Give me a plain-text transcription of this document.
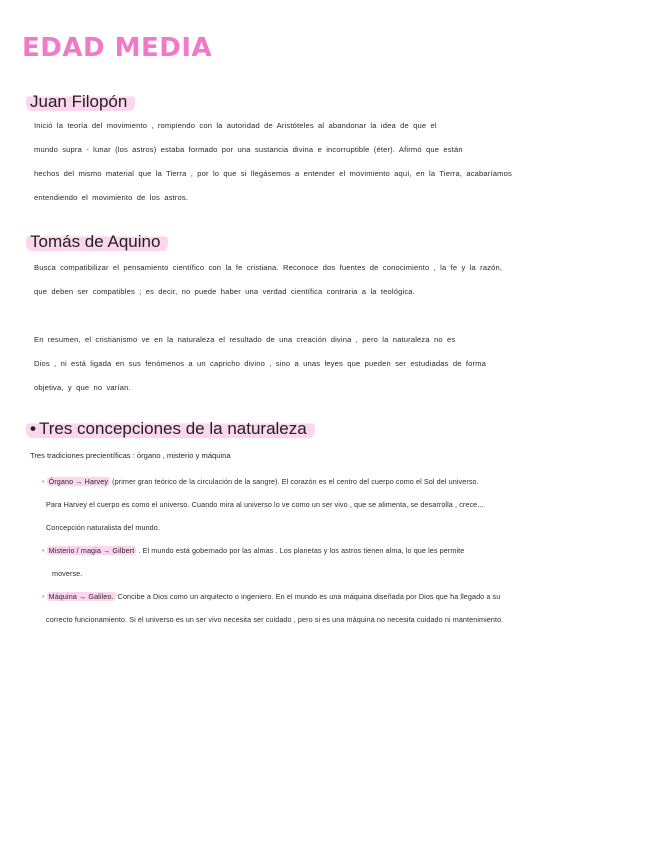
EDAD MEDIA
Juan Filopón

Inició la teoría del movimiento , rompiendo con la autoridad de Aristóteles al abandonar la idea de que el

mundo supra - lunar (los astros) estaba formado por una sustancia divina e incorruptible (éter). Afirmó que están

hechos del mismo material que la Tierra , por lo que si llegásemos a entender el movimiento aquí, en la Tierra, acabaríamos

entendiendo el movimiento de los astros.

Tomás de Aquino

Busca compatibilizar el pensamiento científico con la fe cristiana. Reconoce dos fuentes de conocimiento , la fe y la razón,

que deben ser compatibles ; es decir, no puede haber una verdad científica contraria a la teológica.

En resumen, el cristianismo ve en la naturaleza el resultado de una creación divina , pero la naturaleza no es

Dios , ni está ligada en sus fenómenos a un capricho divino , sino a unas leyes que pueden ser estudiadas de forma

objetiva, y que no varían.

• Tres concepciones de la naturaleza
Tres tradiciones precientíficas : órgano , misterio y máquina
• Órgano → Harvey (primer gran teórico de la circulación de la sangre). El corazón es el centro del cuerpo como el Sol del universo.
Para Harvey el cuerpo es como el universo. Cuando mira al universo lo ve como un ser vivo , que se alimenta, se desarrolla , crece...
Concepción naturalista del mundo.
• Misterio / magia → Gilbert . El mundo está gobernado por las almas . Los planetas y los astros tienen alma, lo que les permite
moverse.
• Máquina → Galileo. Concibe a Dios como un arquitecto o ingeniero. En el mundo es una máquina diseñada por Dios que ha llegado a su
correcto funcionamiento. Si el universo es un ser vivo necesita ser cuidado , pero si es una máquina no necesita cuidado ni mantenimiento.
